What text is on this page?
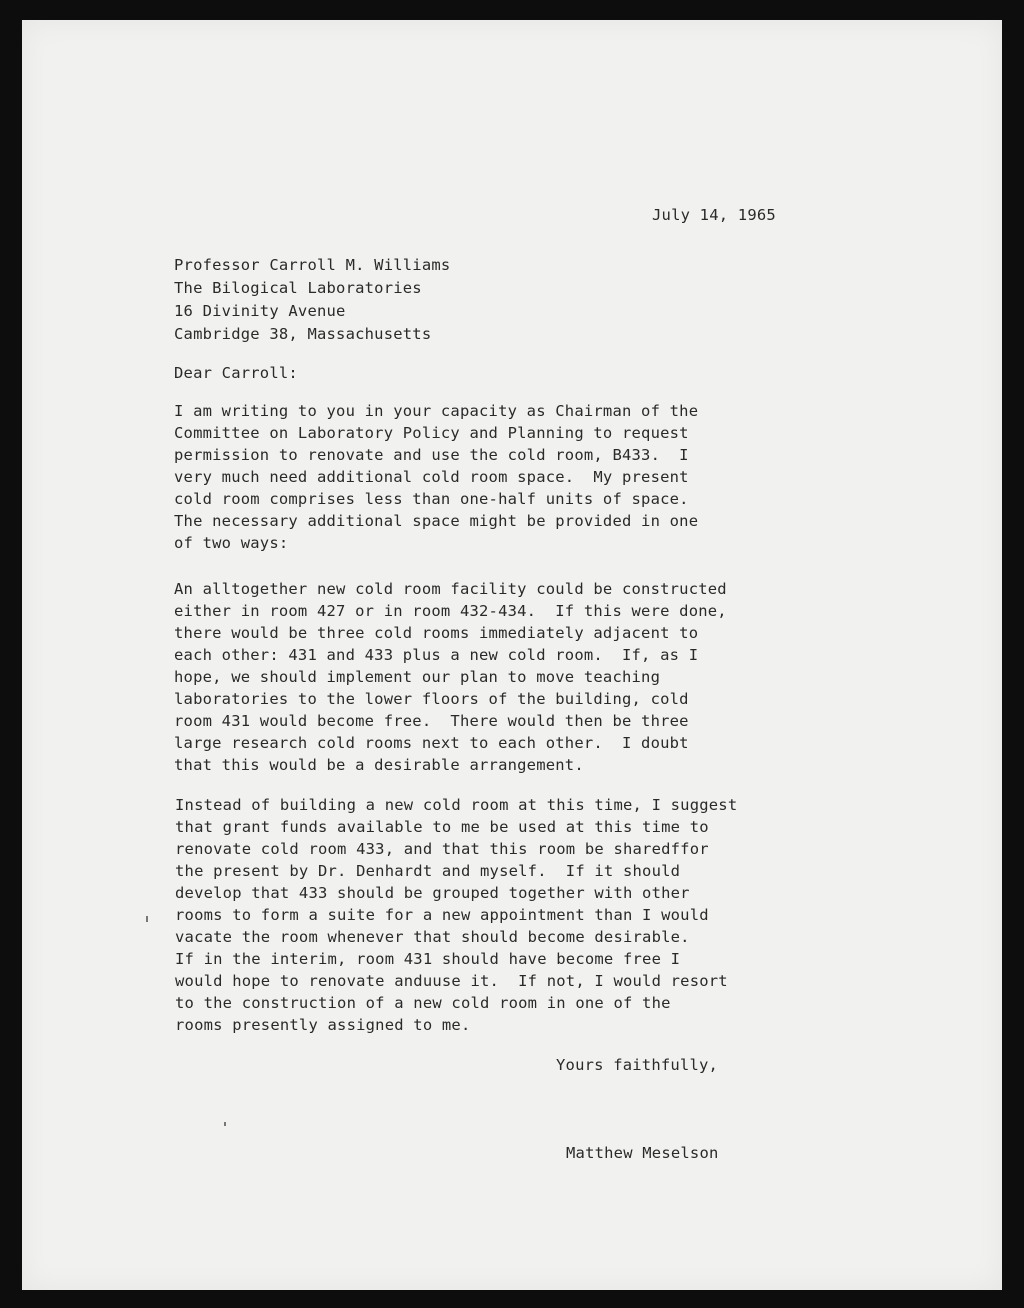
July 14, 1965
Professor Carroll M. Williams
The Bilogical Laboratories
16 Divinity Avenue
Cambridge 38, Massachusetts
Dear Carroll:
I am writing to you in your capacity as Chairman of the
Committee on Laboratory Policy and Planning to request
permission to renovate and use the cold room, B433.  I
very much need additional cold room space.  My present
cold room comprises less than one-half units of space.
The necessary additional space might be provided in one
of two ways:
An alltogether new cold room facility could be constructed
either in room 427 or in room 432-434.  If this were done,
there would be three cold rooms immediately adjacent to
each other: 431 and 433 plus a new cold room.  If, as I
hope, we should implement our plan to move teaching
laboratories to the lower floors of the building, cold
room 431 would become free.  There would then be three
large research cold rooms next to each other.  I doubt
that this would be a desirable arrangement.
Instead of building a new cold room at this time, I suggest
that grant funds available to me be used at this time to
renovate cold room 433, and that this room be sharedffor
the present by Dr. Denhardt and myself.  If it should
develop that 433 should be grouped together with other
rooms to form a suite for a new appointment than I would
vacate the room whenever that should become desirable.
If in the interim, room 431 should have become free I
would hope to renovate anduuse it.  If not, I would resort
to the construction of a new cold room in one of the
rooms presently assigned to me.
Yours faithfully,
Matthew Meselson
